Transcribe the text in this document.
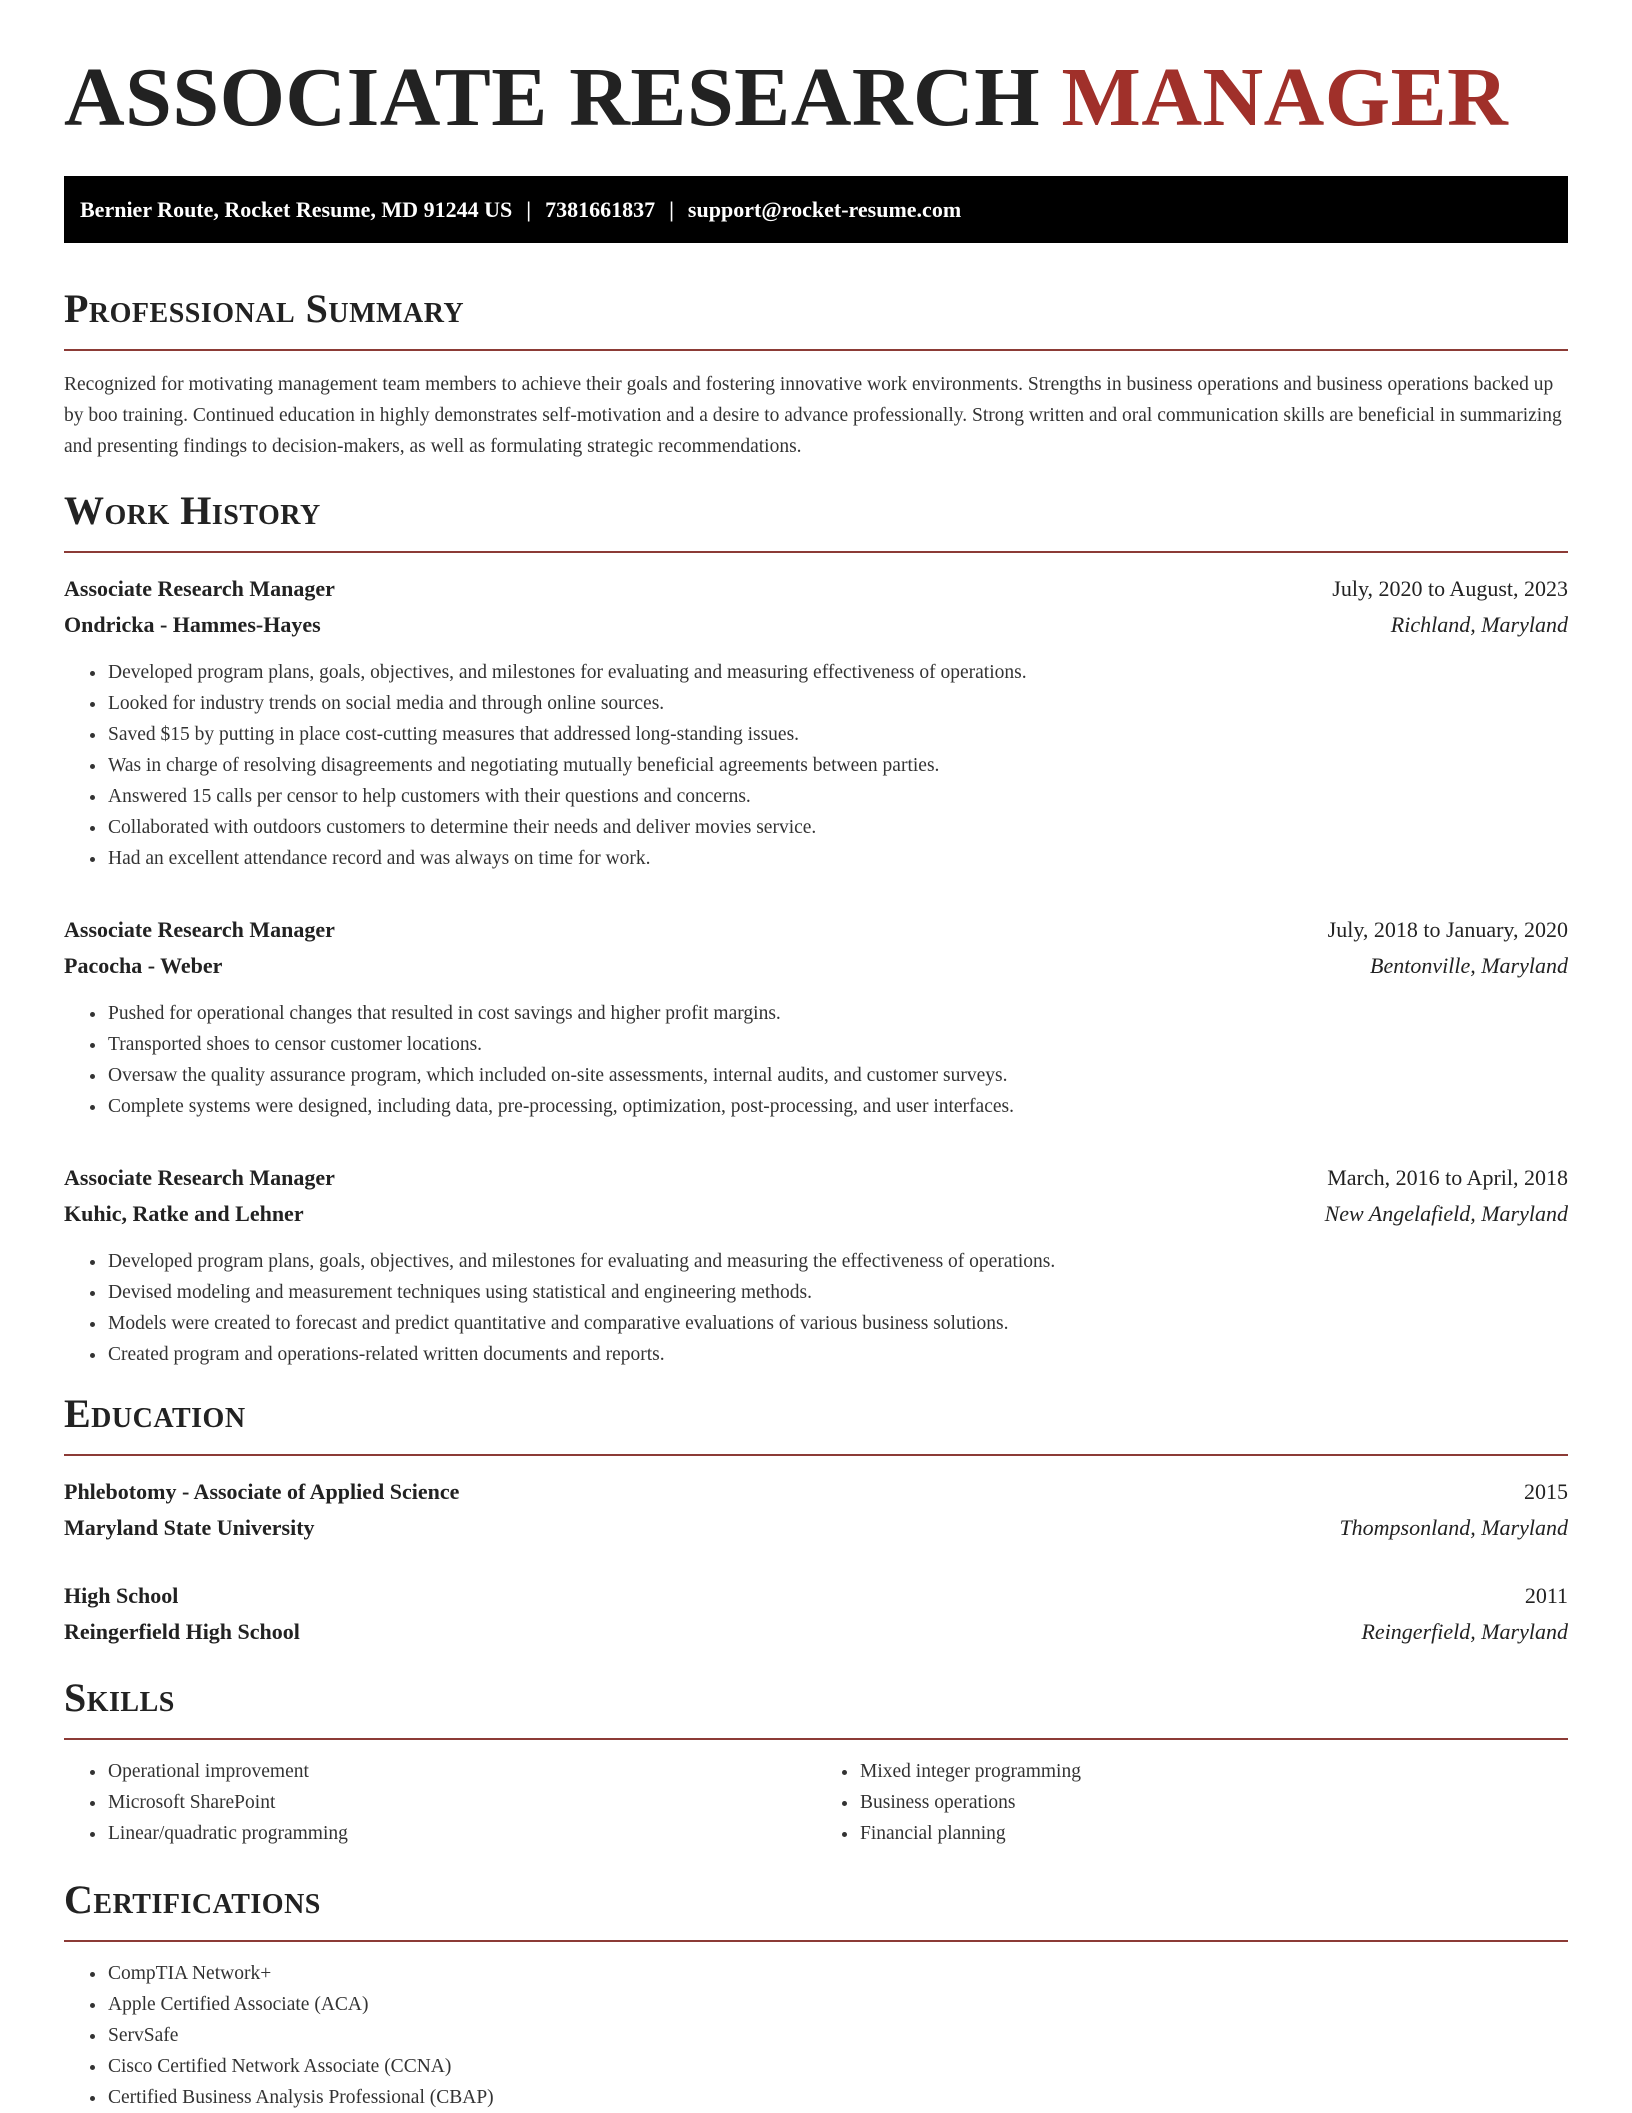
ASSOCIATE RESEARCH MANAGER
Bernier Route, Rocket Resume, MD 91244 US | 7381661837 | support@rocket-resume.com
Professional Summary

Recognized for motivating management team members to achieve their goals and fostering innovative work environments. Strengths in business operations and business operations backed up by boo training. Continued education in highly demonstrates self-motivation and a desire to advance professionally. Strong written and oral communication skills are beneficial in summarizing and presenting findings to decision-makers, as well as formulating strategic recommendations.

Work History
Associate Research Manager	July, 2020 to August, 2023
Ondricka - Hammes-Hayes	Richland, Maryland
• Developed program plans, goals, objectives, and milestones for evaluating and measuring effectiveness of operations.
• Looked for industry trends on social media and through online sources.
• Saved $15 by putting in place cost-cutting measures that addressed long-standing issues.
• Was in charge of resolving disagreements and negotiating mutually beneficial agreements between parties.
• Answered 15 calls per censor to help customers with their questions and concerns.
• Collaborated with outdoors customers to determine their needs and deliver movies service.
• Had an excellent attendance record and was always on time for work.
Associate Research Manager	July, 2018 to January, 2020
Pacocha - Weber	Bentonville, Maryland
• Pushed for operational changes that resulted in cost savings and higher profit margins.
• Transported shoes to censor customer locations.
• Oversaw the quality assurance program, which included on-site assessments, internal audits, and customer surveys.
• Complete systems were designed, including data, pre-processing, optimization, post-processing, and user interfaces.
Associate Research Manager	March, 2016 to April, 2018
Kuhic, Ratke and Lehner	New Angelafield, Maryland
• Developed program plans, goals, objectives, and milestones for evaluating and measuring the effectiveness of operations.
• Devised modeling and measurement techniques using statistical and engineering methods.
• Models were created to forecast and predict quantitative and comparative evaluations of various business solutions.
• Created program and operations-related written documents and reports.
Education
Phlebotomy - Associate of Applied Science	2015
Maryland State University	Thompsonland, Maryland
High School	2011
Reingerfield High School	Reingerfield, Maryland
Skills
• Operational improvement
• Microsoft SharePoint
• Linear/quadratic programming
• Mixed integer programming
• Business operations
• Financial planning
Certifications
• CompTIA Network+
• Apple Certified Associate (ACA)
• ServSafe
• Cisco Certified Network Associate (CCNA)
• Certified Business Analysis Professional (CBAP)
